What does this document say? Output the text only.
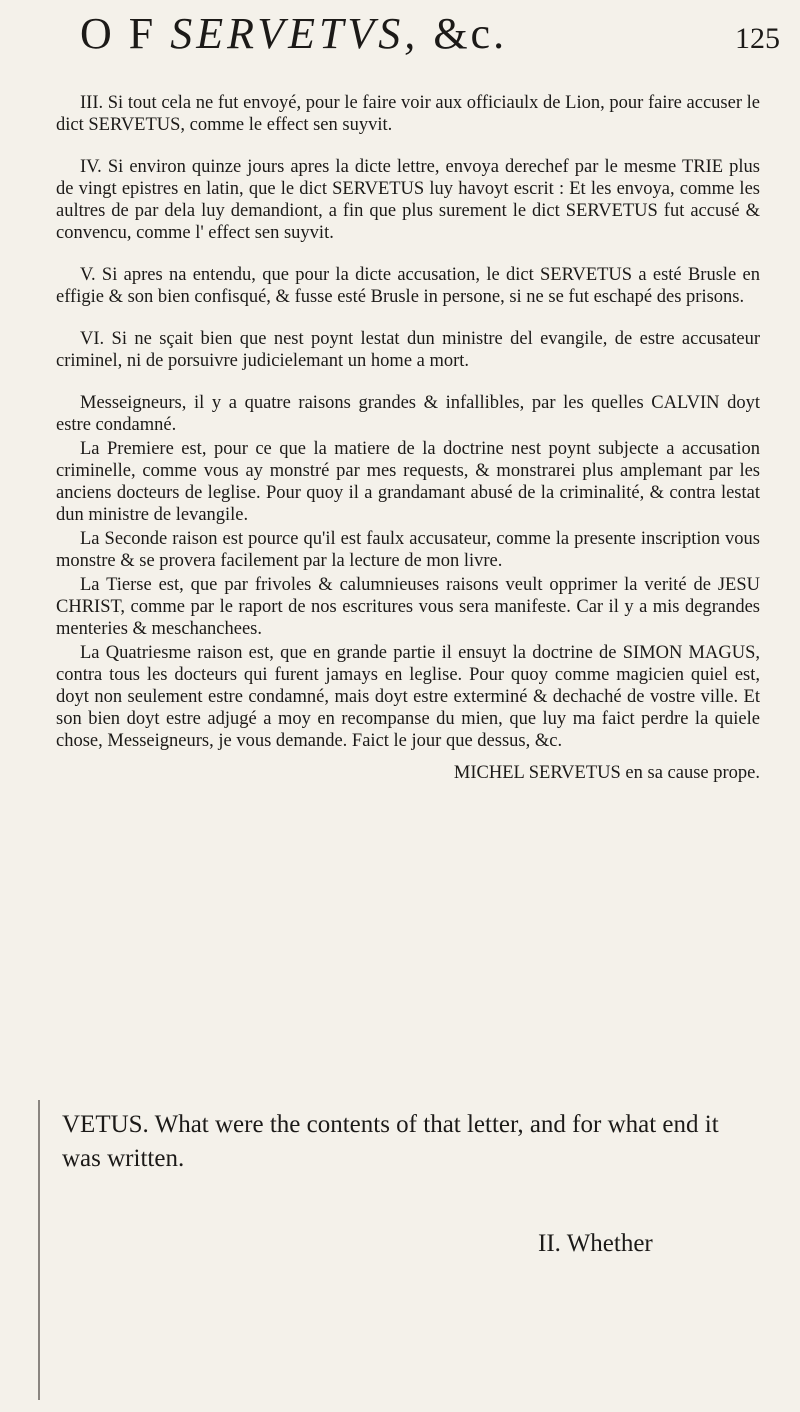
O F SERVETVS, &c.	125

III. Si tout cela ne fut envoyé, pour le faire voir aux officiaulx de Lion, pour faire accuser le dict SERVETUS, comme le effect sen suyvit.

IV. Si environ quinze jours apres la dicte lettre, envoya derechef par le mesme TRIE plus de vingt epistres en latin, que le dict SERVETUS luy havoyt escrit : Et les envoya, comme les aultres de par dela luy demandiont, a fin que plus surement le dict SERVETUS fut accusé & convencu, comme l' effect sen suyvit.

V. Si apres na entendu, que pour la dicte accusation, le dict SERVETUS a esté Brusle en effigie & son bien confisqué, & fusse esté Brusle in persone, si ne se fut eschapé des prisons.

VI. Si ne sçait bien que nest poynt lestat dun ministre del evangile, de estre accusateur criminel, ni de porsuivre judicielemant un home a mort.

Messeigneurs, il y a quatre raisons grandes & infallibles, par les quelles CALVIN doyt estre condamné.

La Premiere est, pour ce que la matiere de la doctrine nest poynt subjecte a accusation criminelle, comme vous ay monstré par mes requests, & monstrarei plus amplemant par les anciens docteurs de leglise. Pour quoy il a grandamant abusé de la criminalité, & contra lestat dun ministre de levangile.

La Seconde raison est pource qu'il est faulx accusateur, comme la presente inscription vous monstre & se provera facilement par la lecture de mon livre.

La Tierse est, que par frivoles & calumnieuses raisons veult opprimer la verité de JESU CHRIST, comme par le raport de nos escritures vous sera manifeste. Car il y a mis degrandes menteries & meschanchees.

La Quatriesme raison est, que en grande partie il ensuyt la doctrine de SIMON MAGUS, contra tous les docteurs qui furent jamays en leglise. Pour quoy comme magicien quiel est, doyt non seulement estre condamné, mais doyt estre exterminé & dechaché de vostre ville. Et son bien doyt estre adjugé a moy en recompanse du mien, que luy ma faict perdre la quiele chose, Messeigneurs, je vous demande. Faict le jour que dessus, &c.

MICHEL SERVETUS en sa cause prope.

VETUS. What were the contents of that letter, and for what end it was written.
II. Whether
